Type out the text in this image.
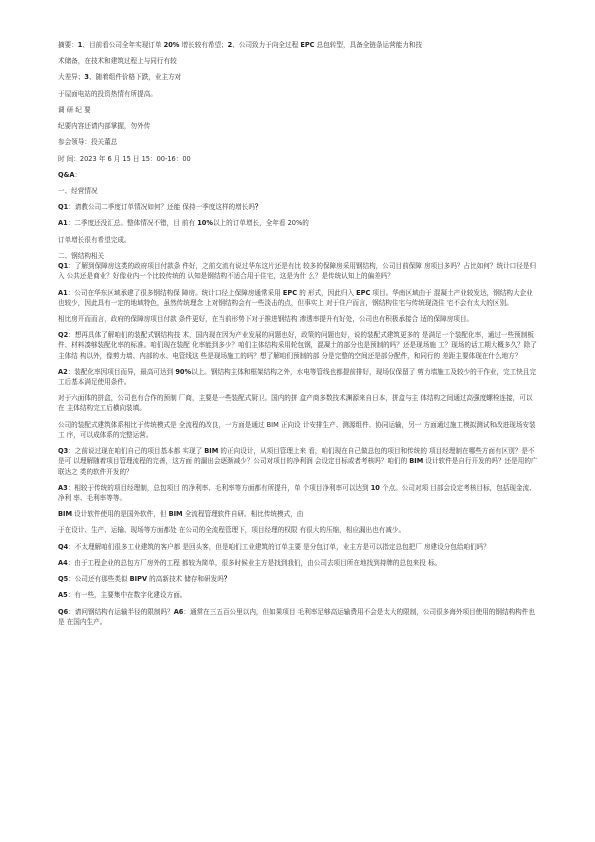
摘要：1、目前看公司全年实现订单 20% 增长较有希望；2、公司致力于向全过程 EPC 总包转型，具备全链条运营能力和技

术储备，在技术和建筑过程上与同行有较

大差异；3、随着组件价格下跌，业主方对

于屋面电站的投资热情有所提高。

调 研 纪 要

纪要内容还请内部掌握，勿外传

参会领导：投关董总

时 间：2023 年 6 月 15 日 15：00-16：00

Q&A：

一、经营情况

Q1：请教公司二季度订单情况如何？还能 保持一季度这样的增长吗？

A1：二季度还没汇总。整体情况不错，目 前有 10%以上的订单增长，全年看 20%的

订单增长很有希望完成。

二、钢结构相关

Q1：了解到保障房这类的政府项目付款条 件好，之前交流有说过华东这片还是有比 较多的保障房采用钢结构，公司目前保障 房项目多吗？占比如何？统计口径是归入 公共还是商业？好像业内一个比较传统的 认知是钢结构不适合用于住宅，这是为什 么？是传统认知上的偏差吗？

A1：公司在华东区域承建了很多钢结构保 障房。统计口径上保障房通常采用 EPC 的 形式，因此归入 EPC 项目。华南区域由于 混凝土产业较发达，钢结构大企业也较少，因此具有一定的地域特色，虽然传统理念 上对钢结构会有一些淡击的点，但事实上 对于住户而言，钢结构住宅与传统现浇住 宅不会有太大的区别。

相比房开而而言，政府的保障房项目付款 条件更好，在当前形势下对于推进钢结构 渗透率提升有好处，公司也有积极承接合 适的保障房项目。

Q2：想再具体了解咱们的装配式钢结构技 术，国内现在因为产业发展的问题也好，政策的问题也好，说的装配式建筑更多的 是满足一个装配化率，通过一些预制板件、材料凑够装配化率的标准。咱们现在装配 化率能到多少？咱们主体结构采用轮包钢，混凝土的部分也是预制的吗？还是现场施 工？现场的话工期大概多久？除了主体结 构以外，像剪力墙、内部的水、电管线这 些是现场施工的吗？想了解咱们预制的部 分是完整的空间还是部分配件，和同行的 差距主要体现在什么地方？

A2：装配化率因项目而异，最高可达到 90%以上。钢结构主体和框架结构之外，水电等管线也都提前排好，现场仅保留了 剪力墙施工及较少的干作业，完工快且完 工后基本满足使用条件。

对于六面体的拼盒，公司也有合作的预制 厂商，主要是一些装配式厨卫。国内的拼 盒产商多数技术渊源来自日本，拼盒与主 体结构之间通过高强度螺栓连接，可以在 主体结构完工后横向装填。

公司的装配式建筑体系相比于传统模式是 全流程的改良，一方面是通过 BIM 正向设 计安排生产、测源组件、协同运输，另一 方面通过施工模拟测试和改进现场安装工 序，可以成体系的完整运营。

Q3：之前说过现在咱们自己的项目基本都 实现了 BIM 的正向设计，从项目管理上来 看，咱们现在自己做总包的项目和传统的 项目经理制在哪些方面有区别？是不是可 以理解随着项目管理流程的完善，这方面 的漏出会逐渐减少？公司对项目的净利润 会设定目标或者考核吗？咱们的 BIM 设计软件是自行开发的吗？还是用的广联达之 类的软件开发的？

A3：相较于传统的项目经理制，总包项目 的净利率、毛利率等方面都有所提升，单 个项目净利率可以达到 10 个点。公司对项 目部会设定考核目标，包括现金流、净利 率、毛利率等等。

BIM 设计软件使用的是国外软件，但 BIM 全流程管理软件自研。相比传统模式，由

于在设计、生产、运输、现场等方面都处 在公司的全流程管理下，项目经理的权限 有很大的压缩，相应漏出也有减少。

Q4：不太理解咱们很多工业建筑的客户都 是回头客，但是咱们工业建筑的订单主要 是分包订单，业主方是可以指定总包把厂 房建设分包给咱们吗？

A4：由于工程企业的总包方厂房外的工程 都较为简单，很多时候业主方是找到我们，由公司去项目所在地找到持牌的总包来投 标。

Q5：公司还有那些类似 BIPV 的高新技术 储存和研发吗？

A5：有一些，主要集中在数字化建设方面。

Q6：请问钢结构有运输半径的限制吗？A6：通常在三五百公里以内，但如果项目 毛利率足够高运输费用不会是太大的限制，公司很多海外项目使用的钢结构构件也是 在国内生产。
